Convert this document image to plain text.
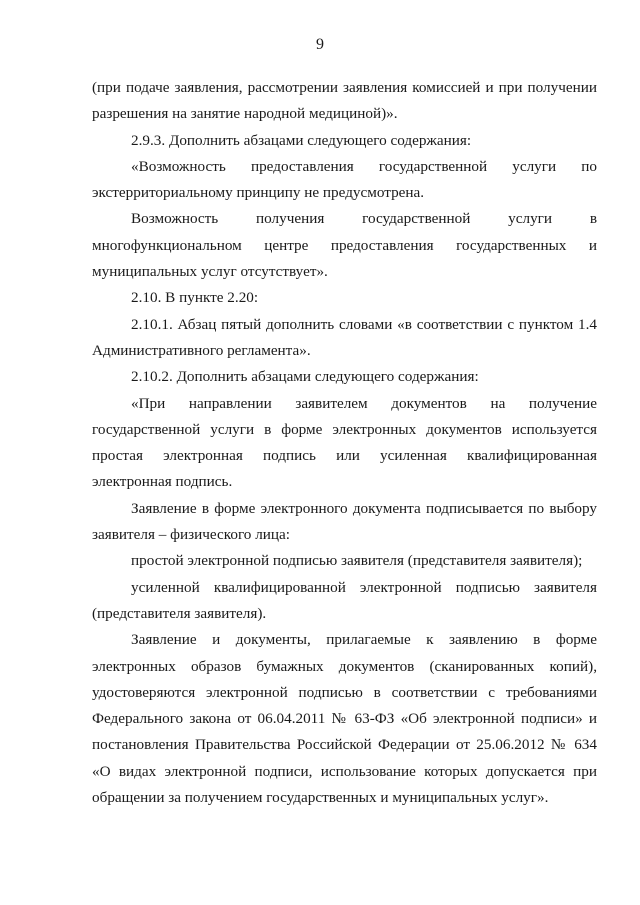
9

(при подаче заявления, рассмотрении заявления комиссией и при получении разрешения на занятие народной медициной)».

2.9.3. Дополнить абзацами следующего содержания:

«Возможность предоставления государственной услуги по экстерриториальному принципу не предусмотрена.

Возможность получения государственной услуги в многофункциональном центре предоставления государственных и муниципальных услуг отсутствует».

2.10. В пункте 2.20:

2.10.1. Абзац пятый дополнить словами «в соответствии с пунктом 1.4 Административного регламента».

2.10.2. Дополнить абзацами следующего содержания:

«При направлении заявителем документов на получение государственной услуги в форме электронных документов используется простая электронная подпись или усиленная квалифицированная электронная подпись.

Заявление в форме электронного документа подписывается по выбору заявителя – физического лица:

простой электронной подписью заявителя (представителя заявителя);

усиленной квалифицированной электронной подписью заявителя (представителя заявителя).

Заявление и документы, прилагаемые к заявлению в форме электронных образов бумажных документов (сканированных копий), удостоверяются электронной подписью в соответствии с требованиями Федерального закона от 06.04.2011 № 63-ФЗ «Об электронной подписи» и постановления Правительства Российской Федерации от 25.06.2012 № 634 «О видах электронной подписи, использование которых допускается при обращении за получением государственных и муниципальных услуг».
